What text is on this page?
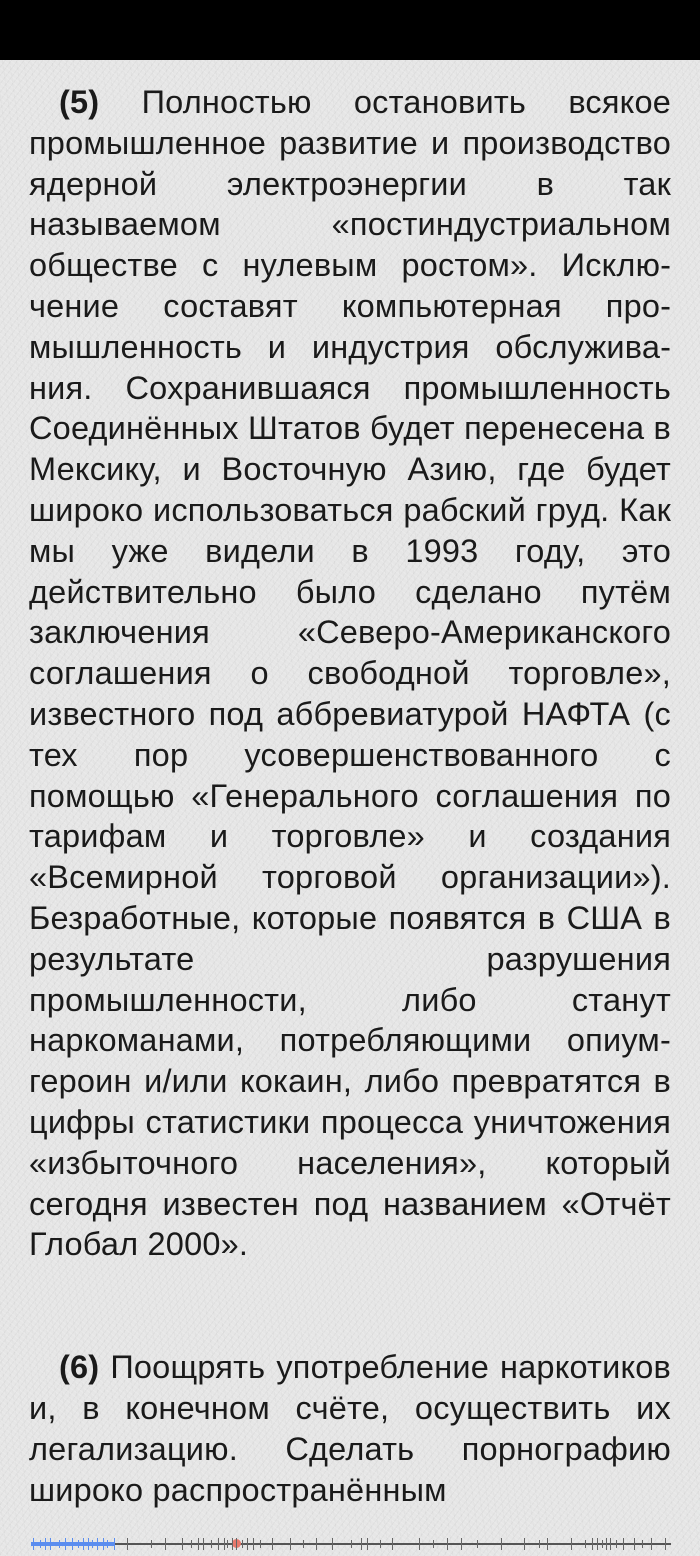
(5) Полностью остановить всякое промышленное развитие и производство ядерной электроэнергии в так называемом «постиндустриальном обществе с нулевым ростом». Исключение составят компьютерная промышленность и индустрия обслуживания. Сохранившаяся промышленность Соединённых Штатов будет перенесена в Мексику, и Восточную Азию, где будет широко использоваться рабский груд. Как мы уже видели в 1993 году, это действительно было сделано путём заключения «Северо-Американского соглашения о свободной торговле», известного под аббревиатурой НАФТА (с тех пор усовершенствованного с помощью «Генерального соглашения по тарифам и торговле» и создания «Всемирной торговой организации»). Безработные, которые появятся в США в результате разрушения промышленности, либо станут наркоманами, потребляющими опиум-героин и/или кокаин, либо превратятся в цифры статистики процесса уничтожения «избыточного населения», который сегодня известен под названием «Отчёт Глобал 2000».

(6) Поощрять употребление наркотиков и, в конечном счёте, осуществить их легализацию. Сделать порнографию широко распространённым
